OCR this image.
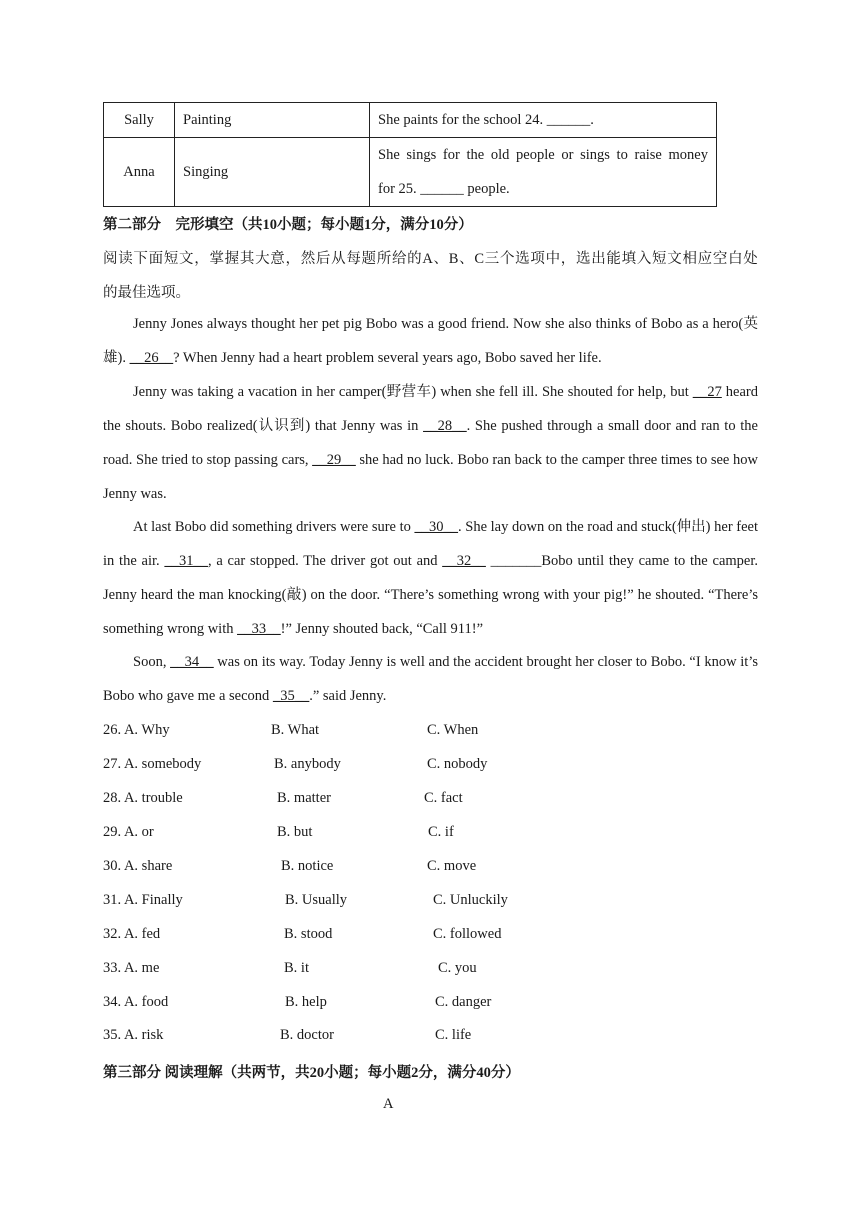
Sally	Painting	She paints for the school 24. ______.
Anna	Singing	She sings for the old people or sings to raise money
for 25. ______ people.
第二部分　完形填空（共10小题；每小题1分，满分10分）
阅读下面短文，掌握其大意，然后从每题所给的A、B、C三个选项中，选出能填入短文相应空白处
的最佳选项。
Jenny Jones always thought her pet pig Bobo was a good friend. Now she also thinks of Bobo as a hero(英雄). __26__? When Jenny had a heart problem several years ago, Bobo saved her life.
Jenny was taking a vacation in her camper(野营车) when she fell ill. She shouted for help, but __27 heard the shouts. Bobo realized(认识到) that Jenny was in __28__. She pushed through a small door and ran to the road. She tried to stop passing cars, __29__ she had no luck. Bobo ran back to the camper three times to see how Jenny was.
At last Bobo did something drivers were sure to __30__. She lay down on the road and stuck(伸出) her feet in the air. __31__, a car stopped. The driver got out and __32__ _______Bobo until they came to the camper. Jenny heard the man knocking(敲) on the door. “There’s something wrong with your pig!” he shouted. “There’s something wrong with __33__!” Jenny shouted back, “Call 911!”
Soon, __34__ was on its way. Today Jenny is well and the accident brought her closer to Bobo. “I know it’s Bobo who gave me a second _35__.” said Jenny.
26. A. Why	B. What	C. When
27. A. somebody	B. anybody	C. nobody
28. A. trouble	B. matter	C. fact
29. A. or	B. but	C. if
30. A. share	B. notice	C. move
31. A. Finally	B. Usually	C. Unluckily
32. A. fed	B. stood	C. followed
33. A. me	B. it	C. you
34. A. food	B. help	C. danger
35. A. risk	B. doctor	C. life
第三部分 阅读理解（共两节，共20小题；每小题2分，满分40分）
A
